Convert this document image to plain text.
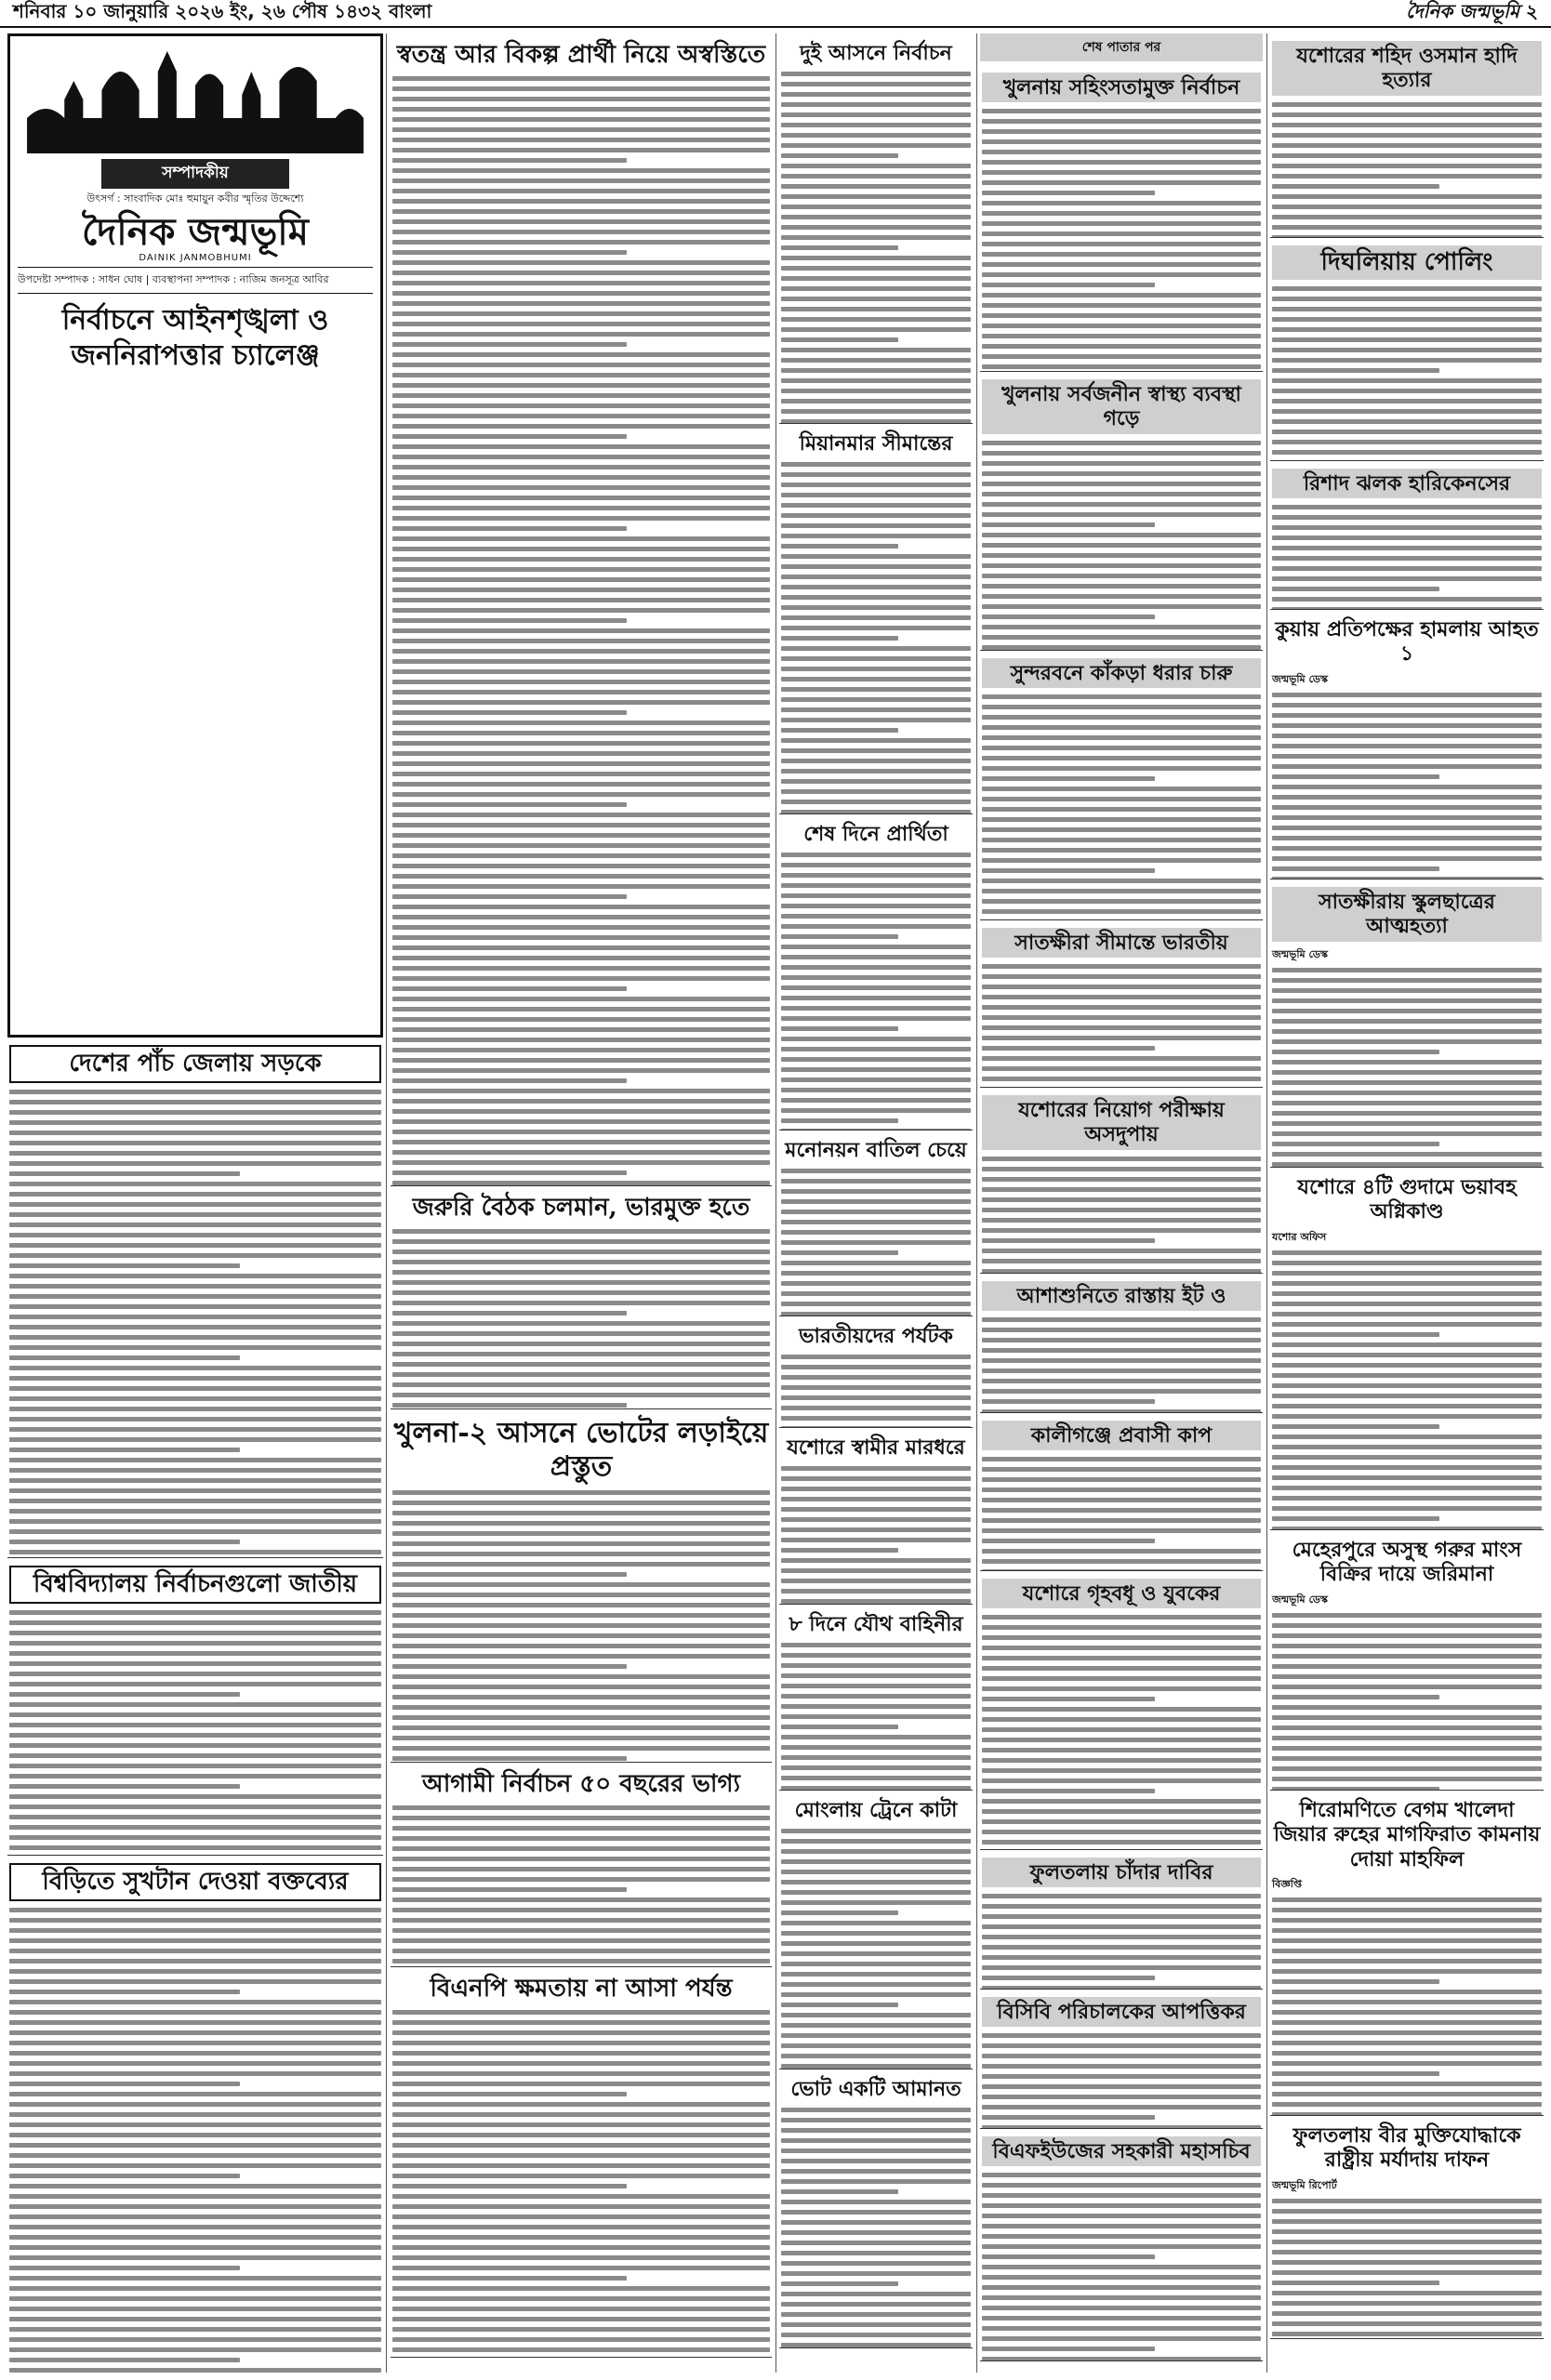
শনিবার ১০ জানুয়ারি ২০২৬ ইং, ২৬ পৌষ ১৪৩২ বাংলা	দৈনিক জন্মভূমি ২
সম্পাদকীয়
উৎসর্গ : সাংবাদিক মোঃ হুমায়ুন কবীর স্মৃতির উদ্দেশ্যে
দৈনিক জন্মভূমি
DAINIK JANMOBHUMI
উপদেষ্টা সম্পাদক : সাধন ঘোষ | ব্যবস্থাপনা সম্পাদক : নাজিম জনসূত্র আবির
নির্বাচনে আইনশৃঙ্খলা ও জননিরাপত্তার চ্যালেঞ্জ
দেশের পাঁচ জেলায় সড়কে
বিশ্ববিদ্যালয় নির্বাচনগুলো জাতীয়
বিড়িতে সুখটান দেওয়া বক্তব্যের
স্বতন্ত্র আর বিকল্প প্রার্থী নিয়ে অস্বস্তিতে
জরুরি বৈঠক চলমান, ভারমুক্ত হতে
খুলনা-২ আসনে ভোটের লড়াইয়ে প্রস্তুত
আগামী নির্বাচন ৫০ বছরের ভাগ্য
বিএনপি ক্ষমতায় না আসা পর্যন্ত
দুই আসনে নির্বাচন
মিয়ানমার সীমান্তের
শেষ দিনে প্রার্থিতা
মনোনয়ন বাতিল চেয়ে
ভারতীয়দের পর্যটক
যশোরে স্বামীর মারধরে
৮ দিনে যৌথ বাহিনীর
মোংলায় ট্রেনে কাটা
ভোট একটি আমানত
শেষ পাতার পর
খুলনায় সহিংসতামুক্ত নির্বাচন
খুলনায় সর্বজনীন স্বাস্থ্য ব্যবস্থা গড়ে
সুন্দরবনে কাঁকড়া ধরার চারু
সাতক্ষীরা সীমান্তে ভারতীয়
যশোরের নিয়োগ পরীক্ষায় অসদুপায়
আশাশুনিতে রাস্তায় ইট ও
কালীগঞ্জে প্রবাসী কাপ
যশোরে গৃহবধূ ও যুবকের
ফুলতলায় চাঁদার দাবির
বিসিবি পরিচালকের আপত্তিকর
বিএফইউজের সহকারী মহাসচিব
যশোরের শহিদ ওসমান হাদি হত্যার
দিঘলিয়ায় পোলিং
রিশাদ ঝলক হারিকেনসের
কুয়ায় প্রতিপক্ষের হামলায় আহত ১
জন্মভূমি ডেস্ক
সাতক্ষীরায় স্কুলছাত্রের আত্মহত্যা
জন্মভূমি ডেস্ক
যশোরে ৪টি গুদামে ভয়াবহ অগ্নিকাণ্ড
যশোর অফিস
মেহেরপুরে অসুস্থ গরুর মাংস বিক্রির দায়ে জরিমানা
জন্মভূমি ডেস্ক
শিরোমণিতে বেগম খালেদা জিয়ার রুহের মাগফিরাত কামনায় দোয়া মাহফিল
বিজ্ঞপ্তি
ফুলতলায় বীর মুক্তিযোদ্ধাকে রাষ্ট্রীয় মর্যাদায় দাফন
জন্মভূমি রিপোর্ট
